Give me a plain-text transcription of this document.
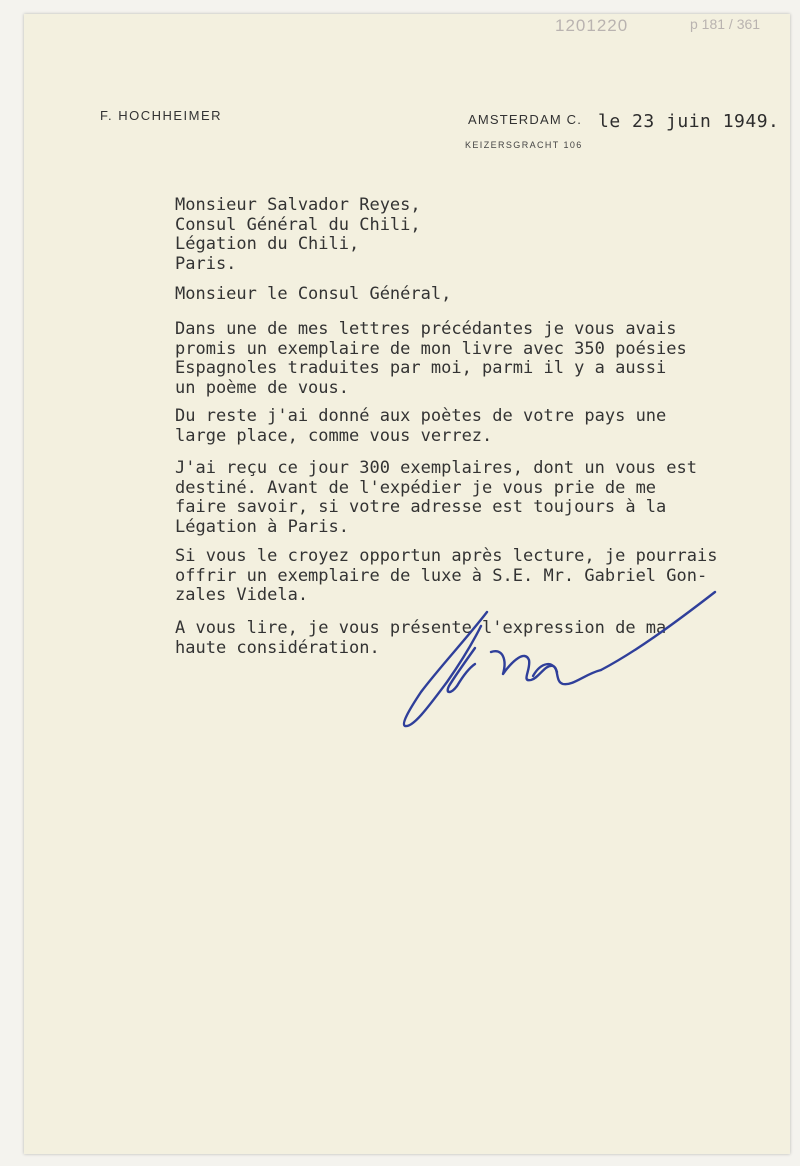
1201220	p 181 / 361
F. HOCHHEIMER	AMSTERDAM C. le 23 juin 1949.
KEIZERSGRACHT 106
Monsieur Salvador Reyes,
Consul Général du Chili,
Légation du Chili,
Paris.
Monsieur le Consul Général,
Dans une de mes lettres précédantes je vous avais
promis un exemplaire de mon livre avec 350 poésies
Espagnoles traduites par moi, parmi il y a aussi
un poème de vous.
Du reste j'ai donné aux poètes de votre pays une
large place, comme vous verrez.
J'ai reçu ce jour 300 exemplaires, dont un vous est
destiné. Avant de l'expédier je vous prie de me
faire savoir, si votre adresse est toujours à la
Légation à Paris.
Si vous le croyez opportun après lecture, je pourrais
offrir un exemplaire de luxe à S.E. Mr. Gabriel Gon-
zales Videla.
A vous lire, je vous présente l'expression de ma
haute considération.
